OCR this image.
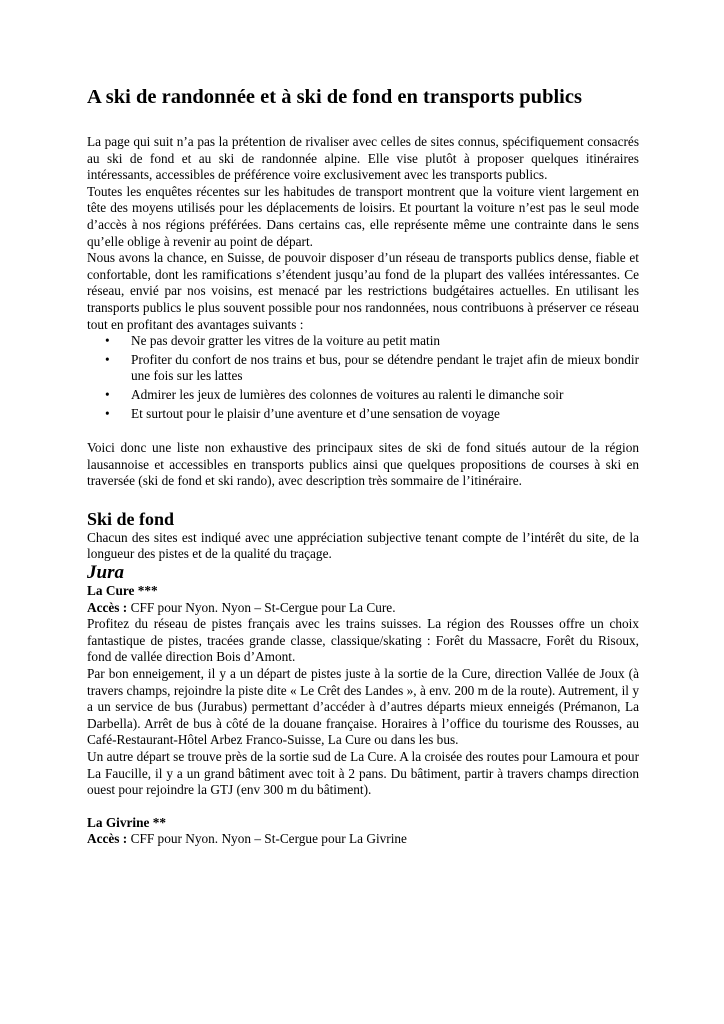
A ski de randonnée et à ski de fond en transports publics

La page qui suit n’a pas la prétention de rivaliser avec celles de sites connus, spécifiquement consacrés au ski de fond et au ski de randonnée alpine. Elle vise plutôt à proposer quelques itinéraires intéressants, accessibles de préférence voire exclusivement avec les transports publics.

Toutes les enquêtes récentes sur les habitudes de transport montrent que la voiture vient largement en tête des moyens utilisés pour les déplacements de loisirs. Et pourtant la voiture n’est pas le seul mode d’accès à nos régions préférées. Dans certains cas, elle représente même une contrainte dans le sens qu’elle oblige à revenir au point de départ.

Nous avons la chance, en Suisse, de pouvoir disposer d’un réseau de transports publics dense, fiable et confortable, dont les ramifications s’étendent jusqu’au fond de la plupart des vallées intéressantes. Ce réseau, envié par nos voisins, est menacé par les restrictions budgétaires actuelles. En utilisant les transports publics le plus souvent possible pour nos randonnées, nous contribuons à préserver ce réseau tout en profitant des avantages suivants :

• Ne pas devoir gratter les vitres de la voiture au petit matin
• Profiter du confort de nos trains et bus, pour se détendre pendant le trajet afin de mieux bondir une fois sur les lattes
• Admirer les jeux de lumières des colonnes de voitures au ralenti le dimanche soir
• Et surtout pour le plaisir d’une aventure et d’une sensation de voyage

Voici donc une liste non exhaustive des principaux sites de ski de fond situés autour de la région lausannoise et accessibles en transports publics ainsi que quelques propositions de courses à ski en traversée (ski de fond et ski rando), avec description très sommaire de l’itinéraire.

Ski de fond

Chacun des sites est indiqué avec une appréciation subjective tenant compte de l’intérêt du site, de la longueur des pistes et de la qualité du traçage.

Jura

La Cure ***

Accès : CFF pour Nyon. Nyon – St-Cergue pour La Cure.

Profitez du réseau de pistes français avec les trains suisses. La région des Rousses offre un choix fantastique de pistes, tracées grande classe, classique/skating : Forêt du Massacre, Forêt du Risoux, fond de vallée direction Bois d’Amont.

Par bon enneigement, il y a un départ de pistes juste à la sortie de la Cure, direction Vallée de Joux (à travers champs, rejoindre la piste dite « Le Crêt des Landes », à env. 200 m de la route). Autrement, il y a un service de bus (Jurabus) permettant d’accéder à d’autres départs mieux enneigés (Prémanon, La Darbella). Arrêt de bus à côté de la douane française. Horaires à l’office du tourisme des Rousses, au Café-Restaurant-Hôtel Arbez Franco-Suisse, La Cure ou dans les bus.

Un autre départ se trouve près de la sortie sud de La Cure. A la croisée des routes pour Lamoura et pour La Faucille, il y a un grand bâtiment avec toit à 2 pans. Du bâtiment, partir à travers champs direction ouest pour rejoindre la GTJ (env 300 m du bâtiment).

La Givrine **

Accès : CFF pour Nyon. Nyon – St-Cergue pour La Givrine
